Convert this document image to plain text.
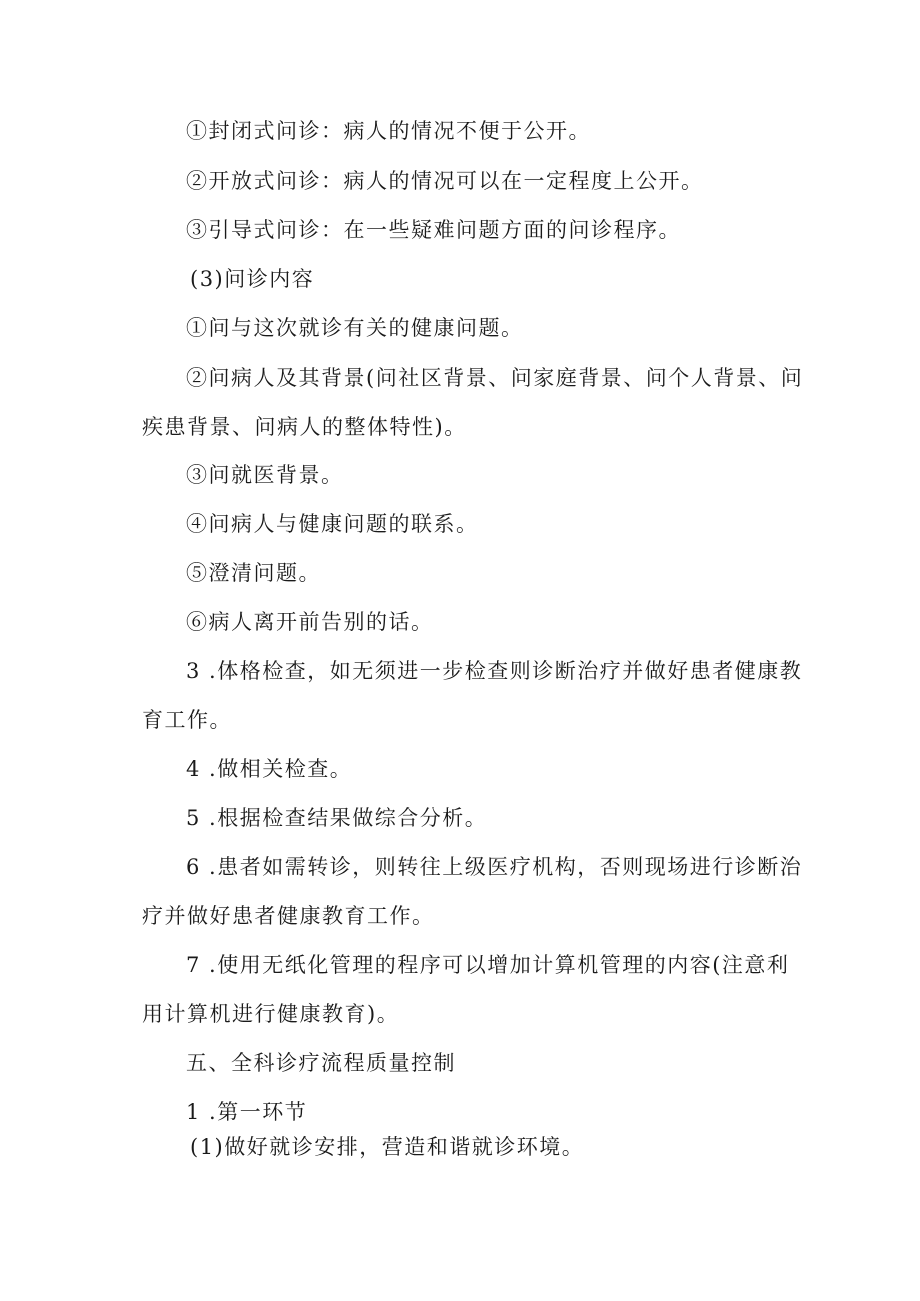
①封闭式问诊：病人的情况不便于公开。
②开放式问诊：病人的情况可以在一定程度上公开。
③引导式问诊：在一些疑难问题方面的问诊程序。
(3)问诊内容
①问与这次就诊有关的健康问题。
②问病人及其背景(问社区背景、问家庭背景、问个人背景、问
疾患背景、问病人的整体特性)。
③问就医背景。
④问病人与健康问题的联系。
⑤澄清问题。
⑥病人离开前告别的话。
3 .体格检查，如无须进一步检查则诊断治疗并做好患者健康教
育工作。
4 .做相关检查。
5 .根据检查结果做综合分析。
6 .患者如需转诊，则转往上级医疗机构，否则现场进行诊断治
疗并做好患者健康教育工作。
7 .使用无纸化管理的程序可以增加计算机管理的内容(注意利
用计算机进行健康教育)。
五、全科诊疗流程质量控制
1 .第一环节
(1)做好就诊安排，营造和谐就诊环境。
